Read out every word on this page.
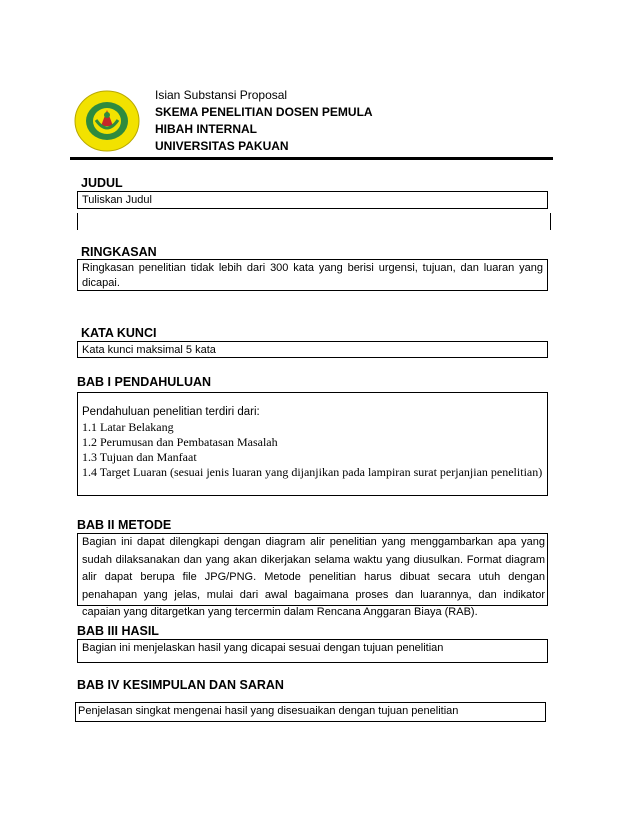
Isian Substansi Proposal
SKEMA PENELITIAN DOSEN PEMULA
HIBAH INTERNAL
UNIVERSITAS PAKUAN
JUDUL
Tuliskan Judul
RINGKASAN
Ringkasan penelitian tidak lebih dari 300 kata yang berisi urgensi, tujuan, dan luaran yang dicapai.
KATA KUNCI
Kata kunci maksimal 5 kata
BAB I PENDAHULUAN
Pendahuluan penelitian terdiri dari:
1.1 Latar Belakang
1.2 Perumusan dan Pembatasan Masalah
1.3 Tujuan dan Manfaat
1.4 Target Luaran (sesuai jenis luaran yang dijanjikan pada lampiran surat perjanjian penelitian)
BAB II METODE
Bagian ini dapat dilengkapi dengan diagram alir penelitian yang menggambarkan apa yang sudah dilaksanakan dan yang akan dikerjakan selama waktu yang diusulkan. Format diagram alir dapat berupa file JPG/PNG. Metode penelitian harus dibuat secara utuh dengan penahapan yang jelas, mulai dari awal bagaimana proses dan luarannya, dan indikator capaian yang ditargetkan yang tercermin dalam Rencana Anggaran Biaya (RAB).
BAB III HASIL
Bagian ini menjelaskan hasil yang dicapai sesuai dengan tujuan penelitian
BAB IV KESIMPULAN DAN SARAN
Penjelasan singkat mengenai hasil yang disesuaikan dengan tujuan penelitian
